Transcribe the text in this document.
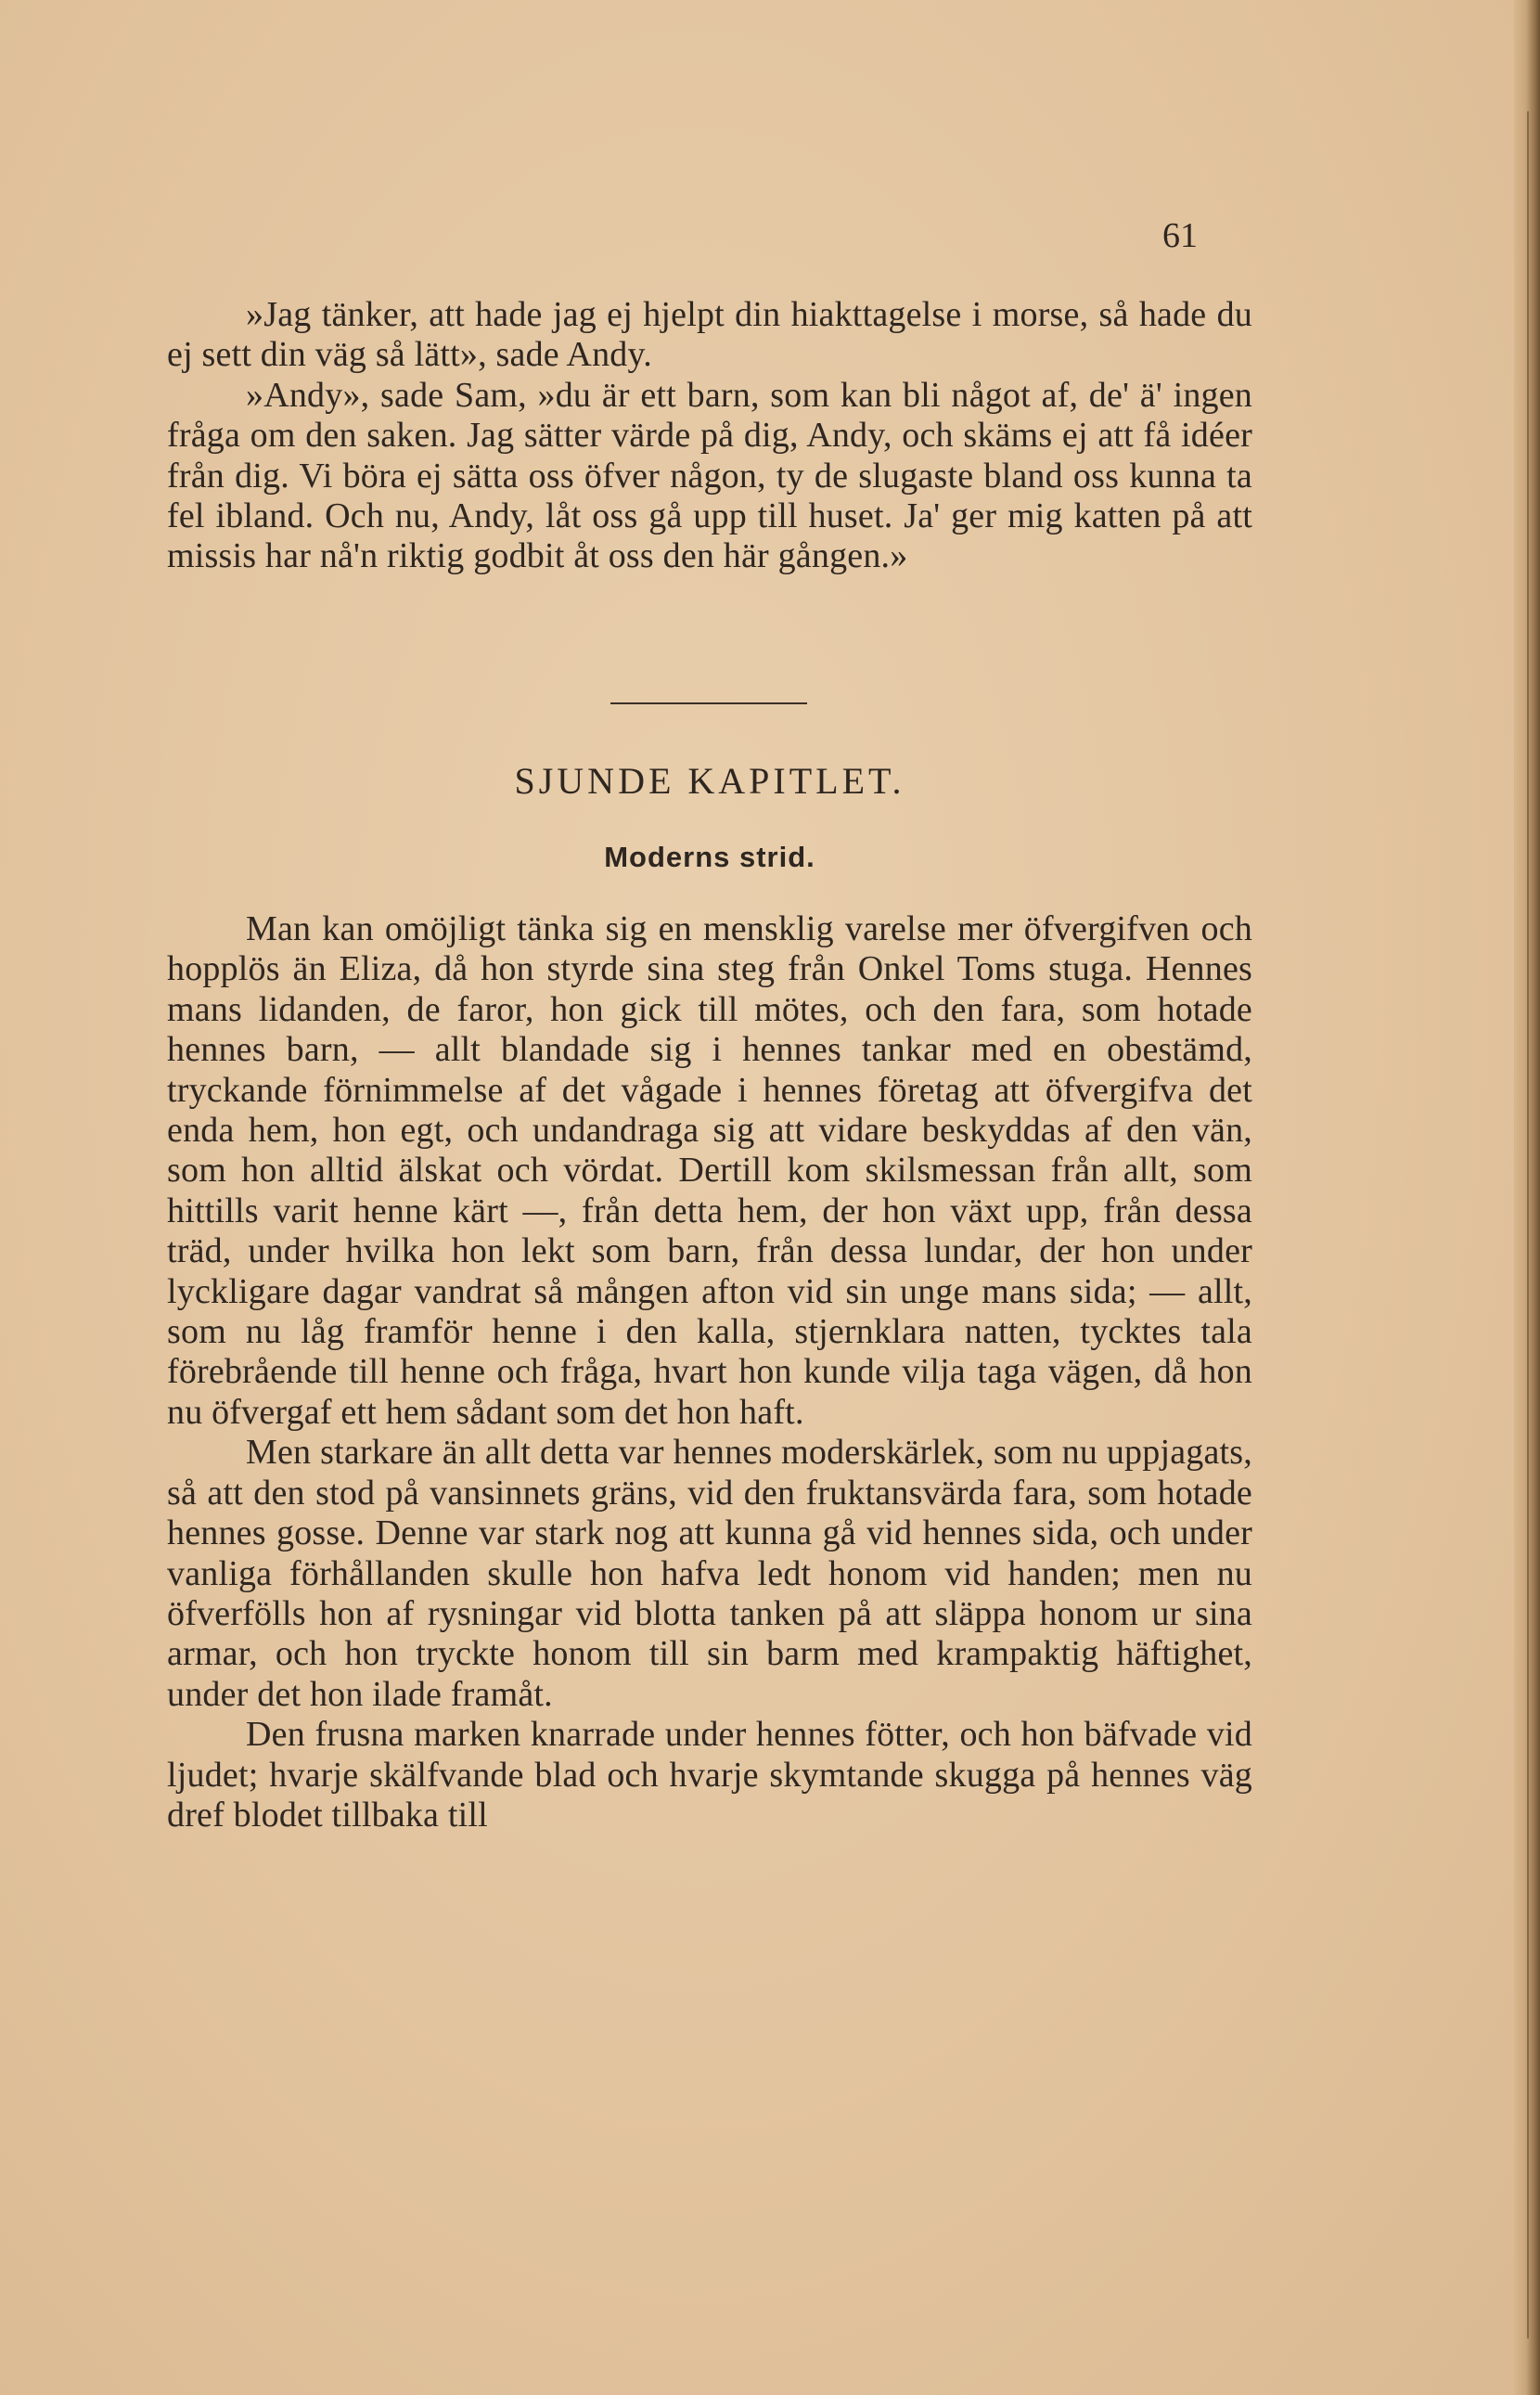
61

»Jag tänker, att hade jag ej hjelpt din hiakttagelse i morse, så hade du ej sett din väg så lätt», sade Andy.

»Andy», sade Sam, »du är ett barn, som kan bli något af, de' ä' ingen fråga om den saken. Jag sätter värde på dig, Andy, och skäms ej att få idéer från dig. Vi böra ej sätta oss öfver någon, ty de slugaste bland oss kunna ta fel ibland. Och nu, Andy, låt oss gå upp till huset. Ja' ger mig katten på att missis har nå'n riktig godbit åt oss den här gången.»

SJUNDE KAPITLET.
Moderns strid.

Man kan omöjligt tänka sig en mensklig varelse mer öfvergifven och hopplös än Eliza, då hon styrde sina steg från Onkel Toms stuga. Hennes mans lidanden, de faror, hon gick till mötes, och den fara, som hotade hennes barn, — allt blandade sig i hennes tankar med en obestämd, tryckande förnimmelse af det vågade i hennes företag att öfvergifva det enda hem, hon egt, och undandraga sig att vidare beskyddas af den vän, som hon alltid älskat och vördat. Dertill kom skilsmessan från allt, som hittills varit henne kärt —, från detta hem, der hon växt upp, från dessa träd, under hvilka hon lekt som barn, från dessa lundar, der hon under lyckligare dagar vandrat så mången afton vid sin unge mans sida; — allt, som nu låg framför henne i den kalla, stjernklara natten, tycktes tala förebrående till henne och fråga, hvart hon kunde vilja taga vägen, då hon nu öfvergaf ett hem sådant som det hon haft.

Men starkare än allt detta var hennes moderskärlek, som nu uppjagats, så att den stod på vansinnets gräns, vid den fruktansvärda fara, som hotade hennes gosse. Denne var stark nog att kunna gå vid hennes sida, och under vanliga förhållanden skulle hon hafva ledt honom vid handen; men nu öfverfölls hon af rysningar vid blotta tanken på att släppa honom ur sina armar, och hon tryckte honom till sin barm med krampaktig häftighet, under det hon ilade framåt.

Den frusna marken knarrade under hennes fötter, och hon bäfvade vid ljudet; hvarje skälfvande blad och hvarje skymtande skugga på hennes väg dref blodet tillbaka till
